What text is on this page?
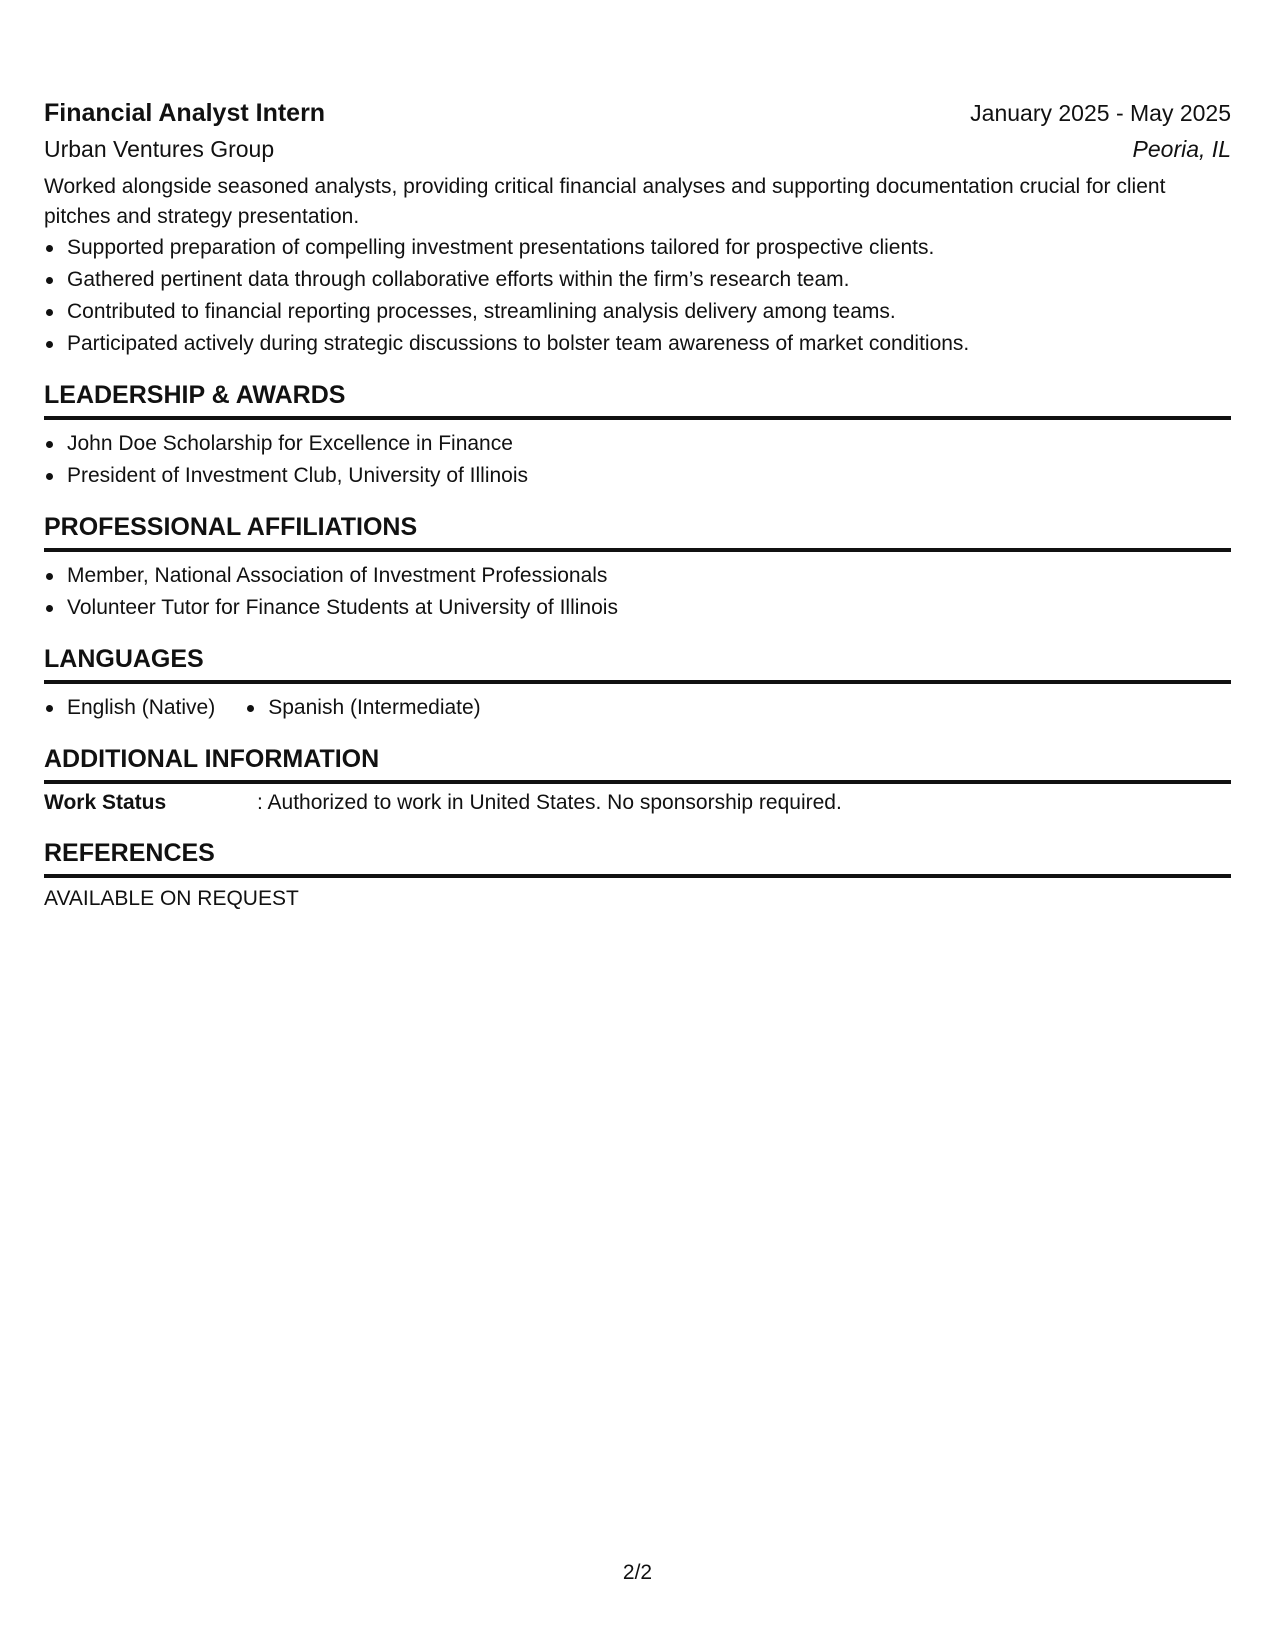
Financial Analyst Intern	January 2025 - May 2025
Urban Ventures Group	Peoria, IL
Worked alongside seasoned analysts, providing critical financial analyses and supporting documentation crucial for client pitches and strategy presentation.
Supported preparation of compelling investment presentations tailored for prospective clients.
Gathered pertinent data through collaborative efforts within the firm’s research team.
Contributed to financial reporting processes, streamlining analysis delivery among teams.
Participated actively during strategic discussions to bolster team awareness of market conditions.
LEADERSHIP & AWARDS
John Doe Scholarship for Excellence in Finance
President of Investment Club, University of Illinois
PROFESSIONAL AFFILIATIONS
Member, National Association of Investment Professionals
Volunteer Tutor for Finance Students at University of Illinois
LANGUAGES
English (Native)	Spanish (Intermediate)
ADDITIONAL INFORMATION
Work Status	: Authorized to work in United States. No sponsorship required.
REFERENCES
AVAILABLE ON REQUEST
2/2
